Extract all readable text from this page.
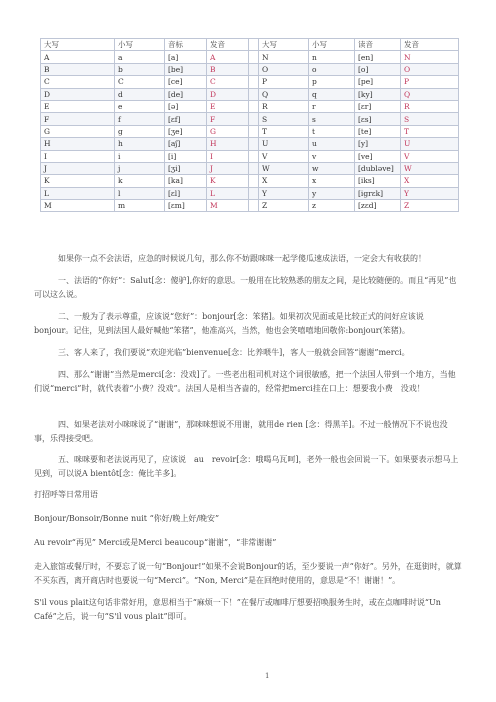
大写	小写	音标	发音		大写	小写	读音	发音
A	a	[a]	A		N	n	[en]	N
B	b	[be]	B		O	o	[o]	O
C	C	[ce]	C		P	p	[pe]	P
D	d	[de]	D		Q	q	[ky]	Q
E	e	[ə]	E		R	r	[ɛr]	R
F	f	[ɛf]	F		S	s	[ɛs]	S
G	g	[ʒe]	G		T	t	[te]	T
H	h	[aʃ]	H		U	u	[y]	U
I	i	[i]	I		V	v	[ve]	V
J	j	[ʒi]	J		W	w	[dublǝve]	W
K	k	[ka]	K		X	x	[iks]	X
L	l	[ɛl]	L		Y	y	[igrɛk]	Y
M	m	[ɛm]	M		Z	z	[zɛd]	Z

如果你一点不会法语，应急的时候说几句，那么你不妨跟咪咪一起学傻瓜速成法语，一定会大有收获的！

一、法语的“你好”：Salut[念：傻驴],你好的意思。一般用在比较熟悉的朋友之间，是比较随便的。而且“再见”也可以这么说。

二、一般为了表示尊重，应该说“您好”：bonjour[念：笨猪]。如果初次见面或是比较正式的问好应该说bonjour。记住，见到法国人最好喊他“笨猪”，他准高兴，当然，他也会笑嘻嘻地回敬你:bonjour(笨猪)。

三、客人来了，我们要说“欢迎光临”bienvenue[念：比养喂牛]，客人一般就会回答“谢谢”merci。

四、那么“谢谢”当然是merci[念：没戏]了。一些老出租司机对这个词很敏感，把一个法国人带到一个地方，当他们说“merci”时，就代表着“小费？没戏”。法国人是相当吝啬的，经常把merci挂在口上：想要我小费　没戏！

四、如果老法对小咪咪说了“谢谢”，那咪咪想说不用谢，就用de rien [念：得黑羊]。不过一般情况下不说也没事，乐得接受吧。

五、咪咪要和老法说再见了，应该说　au　revoir[念：哦喝乌瓦呵]，老外一般也会回说一下。如果要表示想马上见到，可以说A bientôt[念：俺比羊多]。

打招呼等日常用语

Bonjour/Bonsoir/Bonne nuit “你好/晚上好/晚安”

Au revoir“再见” Merci或是Merci beaucoup“谢谢”，“非常谢谢”

走入旅馆或餐厅时，不要忘了说一句“Bonjour!”如果不会说Bonjour的话，至少要说一声“你好”。另外，在逛街时，就算不买东西，离开商店时也要说一句“Merci”。“Non, Merci”是在回绝时使用的，意思是“不！谢谢！”。

S'il vous plait这句话非常好用，意思相当于“麻烦一下！”在餐厅或咖啡厅想要招唤服务生时，或在点咖啡时说“Un Café”之后，说一句“S'il vous plait”即可。

1
